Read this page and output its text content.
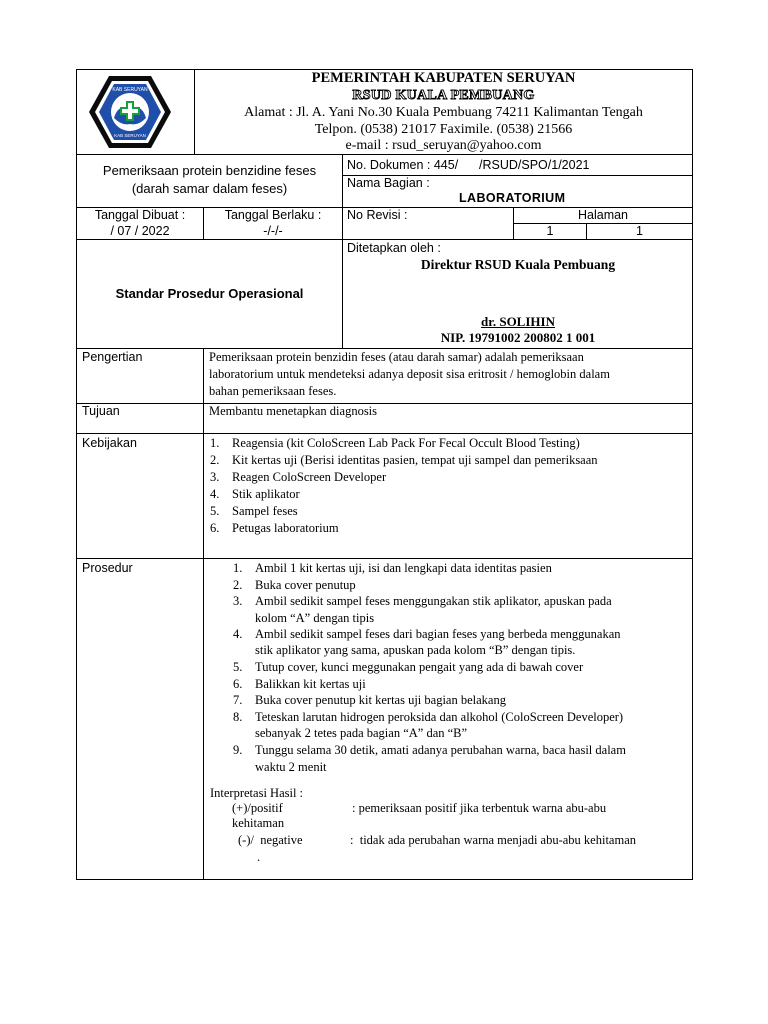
KAB SERUYAN
KAB SERUYAN
PEMERINTAH KABUPATEN SERUYAN
RSUD KUALA PEMBUANG
Alamat : Jl. A. Yani No.30 Kuala Pembuang 74211 Kalimantan Tengah
Telpon. (0538) 21017 Faximile. (0538) 21566
e-mail : rsud_seruyan@yahoo.com
Pemeriksaan protein benzidine feses
(darah samar dalam feses)
No. Dokumen : 445/      /RSUD/SPO/1/2021
Nama Bagian :
LABORATORIUM
Tanggal Dibuat :
/ 07 / 2022
Tanggal Berlaku :
-/-/-
No Revisi :	Halaman
1	1
Standar Prosedur Operasional
Ditetapkan oleh :
Direktur RSUD Kuala Pembuang
dr. SOLIHIN
NIP. 19791002 200802 1 001
Pengertian	Pemeriksaan protein benzidin feses (atau darah samar) adalah pemeriksaan
laboratorium untuk mendeteksi adanya deposit sisa eritrosit / hemoglobin dalam
bahan pemeriksaan feses.
Tujuan	Membantu menetapkan diagnosis
Kebijakan	1. Reagensia (kit ColoScreen Lab Pack For Fecal Occult Blood Testing)
2. Kit kertas uji (Berisi identitas pasien, tempat uji sampel dan pemeriksaan
3. Reagen ColoScreen Developer
4. Stik aplikator
5. Sampel feses
6. Petugas laboratorium
Prosedur	1. Ambil 1 kit kertas uji, isi dan lengkapi data identitas pasien
2. Buka cover penutup
3. Ambil sedikit sampel feses menggungakan stik aplikator, apuskan pada
kolom “A” dengan tipis
4. Ambil sedikit sampel feses dari bagian feses yang berbeda menggunakan
stik aplikator yang sama, apuskan pada kolom “B” dengan tipis.
5. Tutup cover, kunci meggunakan pengait yang ada di bawah cover
6. Balikkan kit kertas uji
7. Buka cover penutup kit kertas uji bagian belakang
8. Teteskan larutan hidrogen peroksida dan alkohol (ColoScreen Developer)
sebanyak 2 tetes pada bagian “A” dan “B”
9. Tunggu selama 30 detik, amati adanya perubahan warna, baca hasil dalam
waktu 2 menit
Interpretasi Hasil :
(+)/positif	: pemeriksaan positif jika terbentuk warna abu-abu
kehitaman
(-)/  negative	:  tidak ada perubahan warna menjadi abu-abu kehitaman
.
